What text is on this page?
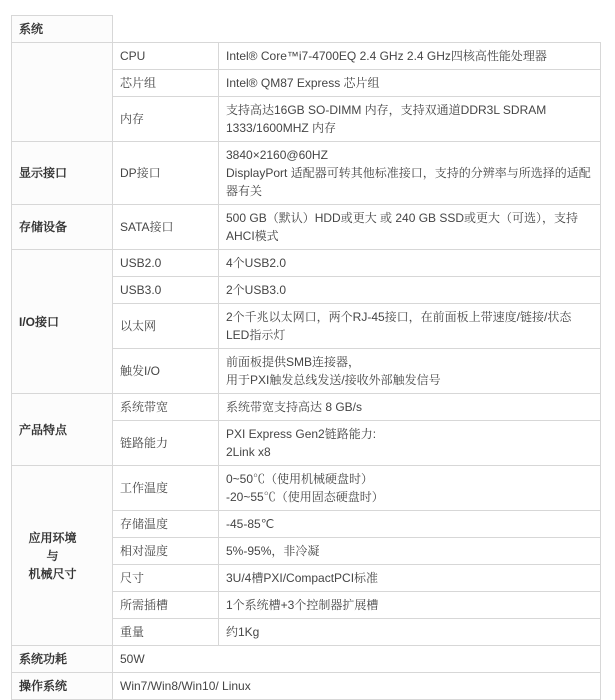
系统		
	CPU	Intel® Core™i7-4700EQ 2.4 GHz 2.4 GHz四核高性能处理器
	芯片组	Intel® QM87 Express 芯片组
	内存	支持高达16GB SO-DIMM 内存，支持双通道DDR3L SDRAM 1333/1600MHZ 内存
显示接口	DP接口	3840×2160@60HZ
DisplayPort 适配器可转其他标准接口，支持的分辨率与所选择的适配器有关

存储设备	SATA接口	500 GB（默认）HDD或更大 或 240 GB SSD或更大（可选），支持AHCI模式
I/O接口	USB2.0	4个USB2.0
	USB3.0	2个USB3.0
	以太网	2个千兆以太网口，两个RJ-45接口，在前面板上带速度/链接/状态LED指示灯
	触发I/O	前面板提供SMB连接器，
用于PXI触发总线发送/接收外部触发信号

产品特点	系统带宽	系统带宽支持高达 8 GB/s
	链路能力	PXI Express Gen2链路能力:
2Link x8

应用环境
与
机械尺寸	工作温度	0~50℃（使用机械硬盘时）
-20~55℃（使用固态硬盘时）

	存储温度	-45-85℃
	相对湿度	5%-95%，非冷凝
	尺寸	3U/4槽PXI/CompactPCI标准
	所需插槽	1个系统槽+3个控制器扩展槽
	重量	约1Kg
系统功耗	50W	
操作系统	Win7/Win8/Win10/ Linux	
